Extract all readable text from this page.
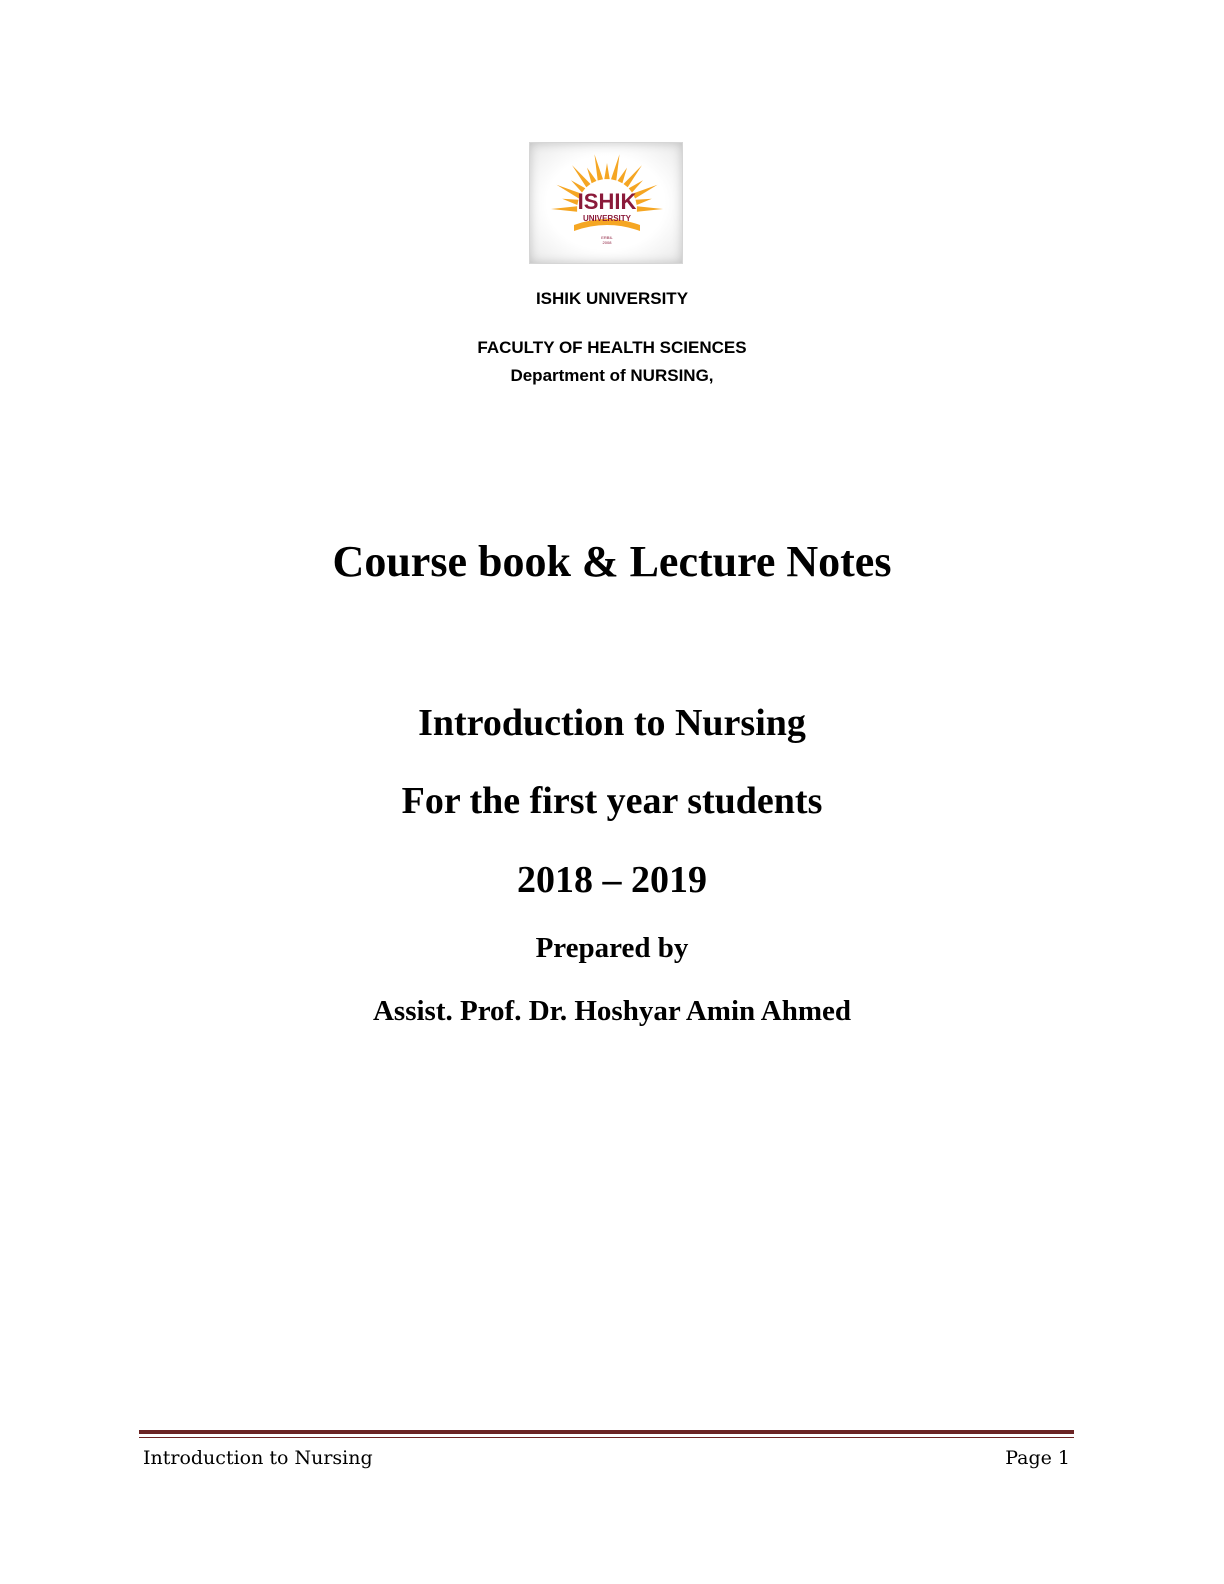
ISHIK
UNIVERSITY
ERBIL
2008
ISHIK UNIVERSITY
FACULTY OF HEALTH SCIENCES
Department of NURSING,
Course book & Lecture Notes
Introduction to Nursing
For the first year students
2018 – 2019
Prepared by
Assist. Prof. Dr. Hoshyar Amin Ahmed
Introduction to Nursing	Page 1
